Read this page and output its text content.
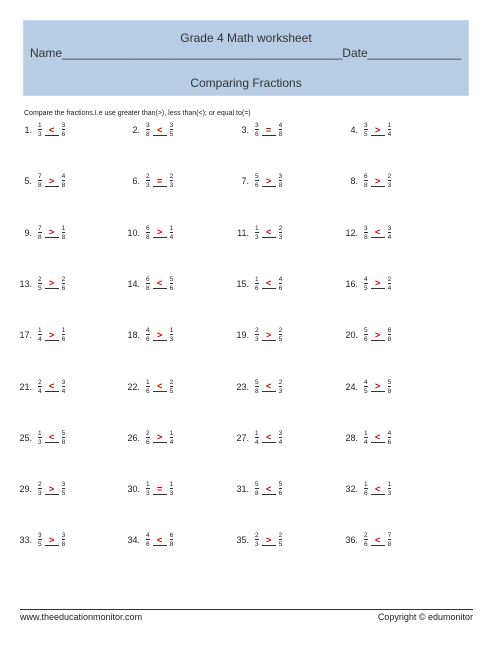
Grade 4 Math worksheet
Name__________________________________________Date______________
Comparing Fractions
Compare the fractions.I.e use greater than(>), less than(<); or equal to(=)
1. $\frac{1}{3}$ <	$\frac{3}{6}$	2. $\frac{3}{8}$ <	$\frac{3}{5}$	3. $\frac{3}{6}$ =	$\frac{4}{8}$	4. $\frac{3}{5}$ >	$\frac{1}{4}$
5. $\frac{7}{8}$ >	$\frac{4}{8}$	6. $\frac{2}{3}$ =	$\frac{2}{3}$	7. $\frac{5}{6}$ >	$\frac{3}{8}$	8. $\frac{6}{8}$ >	$\frac{2}{3}$
9. $\frac{7}{8}$ >	$\frac{1}{8}$	10. $\frac{6}{8}$ >	$\frac{1}{4}$	11. $\frac{1}{3}$ <	$\frac{2}{3}$	12. $\frac{3}{8}$ <	$\frac{3}{4}$
13. $\frac{2}{5}$ >	$\frac{2}{6}$	14. $\frac{6}{8}$ <	$\frac{5}{6}$	15. $\frac{1}{6}$ <	$\frac{4}{6}$	16. $\frac{4}{5}$ >	$\frac{2}{4}$
17. $\frac{1}{4}$ >	$\frac{1}{6}$	18. $\frac{4}{6}$ >	$\frac{1}{3}$	19. $\frac{2}{3}$ >	$\frac{2}{5}$	20. $\frac{5}{6}$ >	$\frac{6}{8}$
21. $\frac{2}{4}$ <	$\frac{3}{4}$	22. $\frac{1}{6}$ <	$\frac{2}{5}$	23. $\frac{5}{8}$ <	$\frac{2}{3}$	24. $\frac{4}{5}$ >	$\frac{5}{8}$
25. $\frac{1}{3}$ <	$\frac{5}{8}$	26. $\frac{2}{6}$ >	$\frac{1}{4}$	27. $\frac{1}{4}$ <	$\frac{3}{4}$	28. $\frac{1}{4}$ <	$\frac{4}{6}$
29. $\frac{2}{3}$ >	$\frac{3}{5}$	30. $\frac{1}{3}$ =	$\frac{1}{3}$	31. $\frac{5}{8}$ <	$\frac{5}{6}$	32. $\frac{1}{6}$ <	$\frac{1}{3}$
33. $\frac{3}{5}$ >	$\frac{3}{8}$	34. $\frac{4}{6}$ <	$\frac{6}{8}$	35. $\frac{2}{3}$ >	$\frac{2}{5}$	36. $\frac{2}{6}$ <	$\frac{7}{8}$
www.theeducationmonitor.com	Copyright © edumonitor
